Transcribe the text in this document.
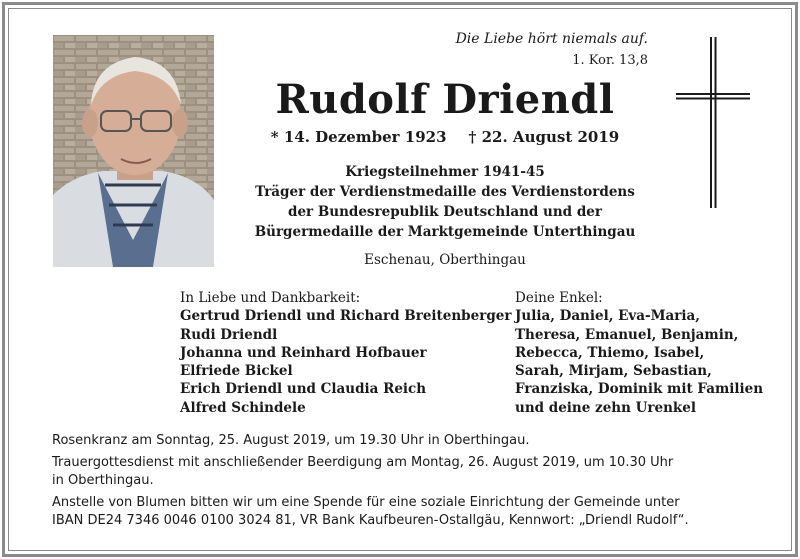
Die Liebe hört niemals auf.
1. Kor. 13,8
Rudolf Driendl
* 14. Dezember 1923 † 22. August 2019
Kriegsteilnehmer 1941-45
Träger der Verdienstmedaille des Verdienstordens
der Bundesrepublik Deutschland und der
Bürgermedaille der Marktgemeinde Unterthingau
Eschenau, Oberthingau
In Liebe und Dankbarkeit:
Gertrud Driendl und Richard Breitenberger
Rudi Driendl
Johanna und Reinhard Hofbauer
Elfriede Bickel
Erich Driendl und Claudia Reich
Alfred Schindele
Deine Enkel:
Julia, Daniel, Eva-Maria,
Theresa, Emanuel, Benjamin,
Rebecca, Thiemo, Isabel,
Sarah, Mirjam, Sebastian,
Franziska, Dominik mit Familien
und deine zehn Urenkel

Rosenkranz am Sonntag, 25. August 2019, um 19.30 Uhr in Oberthingau.

Trauergottesdienst mit anschließender Beerdigung am Montag, 26. August 2019, um 10.30 Uhr
in Oberthingau.

Anstelle von Blumen bitten wir um eine Spende für eine soziale Einrichtung der Gemeinde unter
IBAN DE24 7346 0046 0100 3024 81, VR Bank Kaufbeuren-Ostallgäu, Kennwort: „Driendl Rudolf“.
